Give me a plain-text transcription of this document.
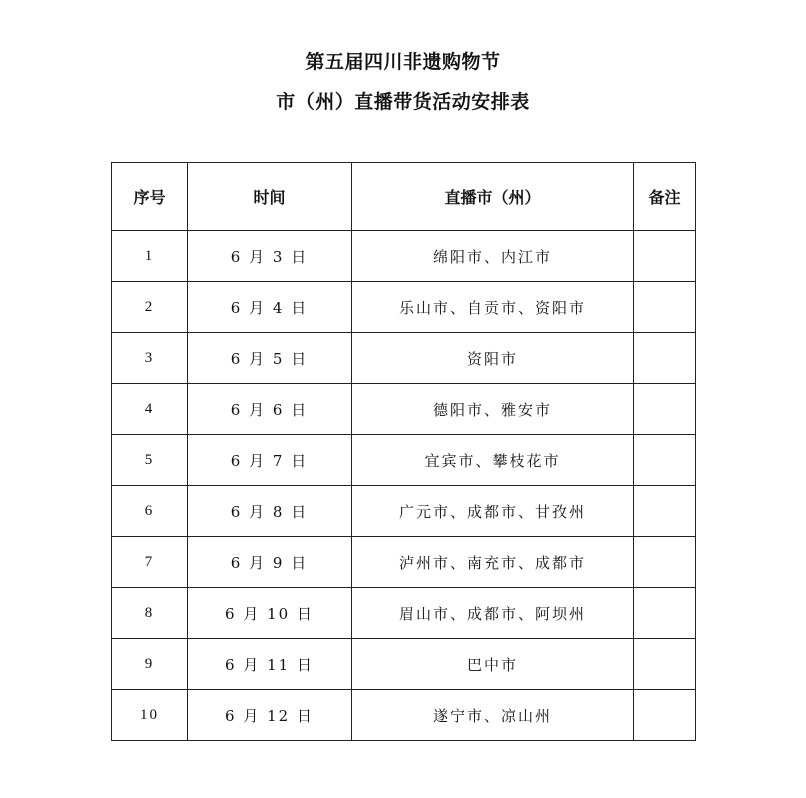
第五届四川非遗购物节
市（州）直播带货活动安排表
序号	时间	直播市（州）	备注
1	6 月 3 日	绵阳市、内江市	
2	6 月 4 日	乐山市、自贡市、资阳市	
3	6 月 5 日	资阳市	
4	6 月 6 日	德阳市、雅安市	
5	6 月 7 日	宜宾市、攀枝花市	
6	6 月 8 日	广元市、成都市、甘孜州	
7	6 月 9 日	泸州市、南充市、成都市	
8	6 月 10 日	眉山市、成都市、阿坝州	
9	6 月 11 日	巴中市	
10	6 月 12 日	遂宁市、凉山州	
